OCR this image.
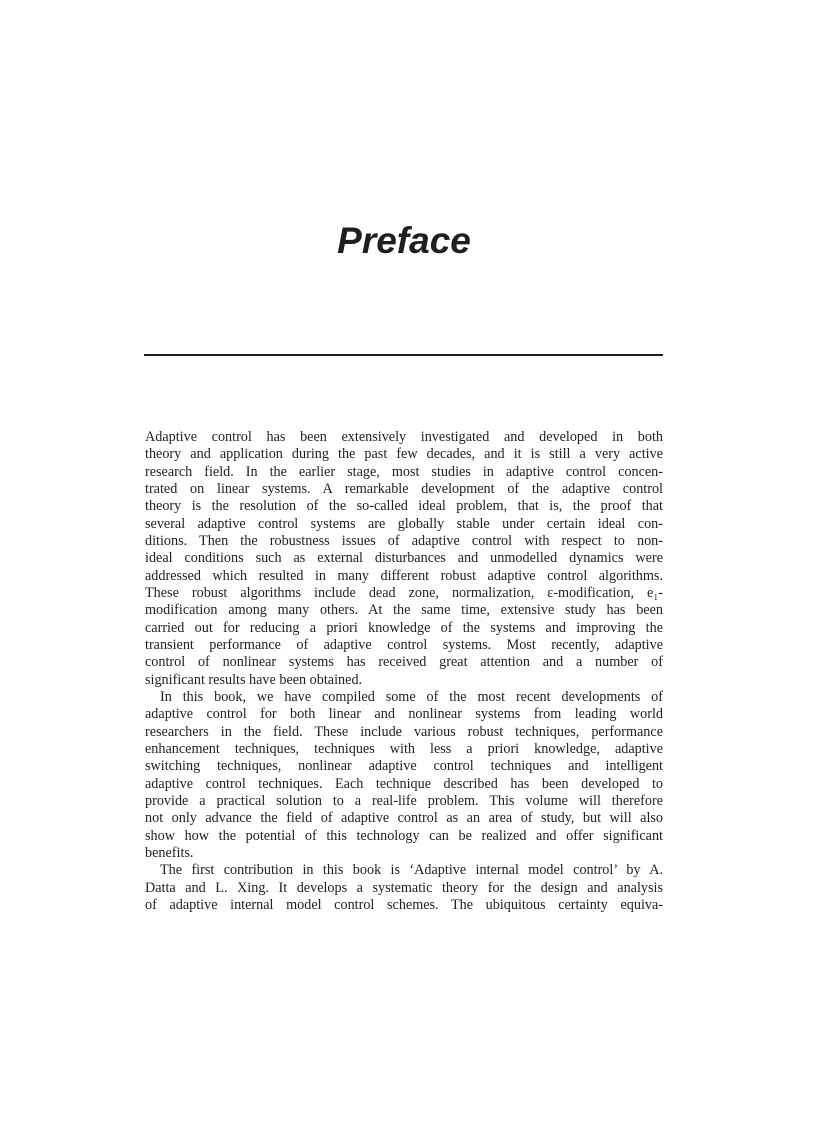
Preface
Adaptive control has been extensively investigated and developed in both
theory and application during the past few decades, and it is still a very active
research field. In the earlier stage, most studies in adaptive control concen-
trated on linear systems. A remarkable development of the adaptive control
theory is the resolution of the so-called ideal problem, that is, the proof that
several adaptive control systems are globally stable under certain ideal con-
ditions. Then the robustness issues of adaptive control with respect to non-
ideal conditions such as external disturbances and unmodelled dynamics were
addressed which resulted in many different robust adaptive control algorithms.
These robust algorithms include dead zone, normalization, ε-modification, e₁-
modification among many others. At the same time, extensive study has been
carried out for reducing a priori knowledge of the systems and improving the
transient performance of adaptive control systems. Most recently, adaptive
control of nonlinear systems has received great attention and a number of
significant results have been obtained.
In this book, we have compiled some of the most recent developments of
adaptive control for both linear and nonlinear systems from leading world
researchers in the field. These include various robust techniques, performance
enhancement techniques, techniques with less a priori knowledge, adaptive
switching techniques, nonlinear adaptive control techniques and intelligent
adaptive control techniques. Each technique described has been developed to
provide a practical solution to a real-life problem. This volume will therefore
not only advance the field of adaptive control as an area of study, but will also
show how the potential of this technology can be realized and offer significant
benefits.
The first contribution in this book is ‘Adaptive internal model control’ by A.
Datta and L. Xing. It develops a systematic theory for the design and analysis
of adaptive internal model control schemes. The ubiquitous certainty equiva-
